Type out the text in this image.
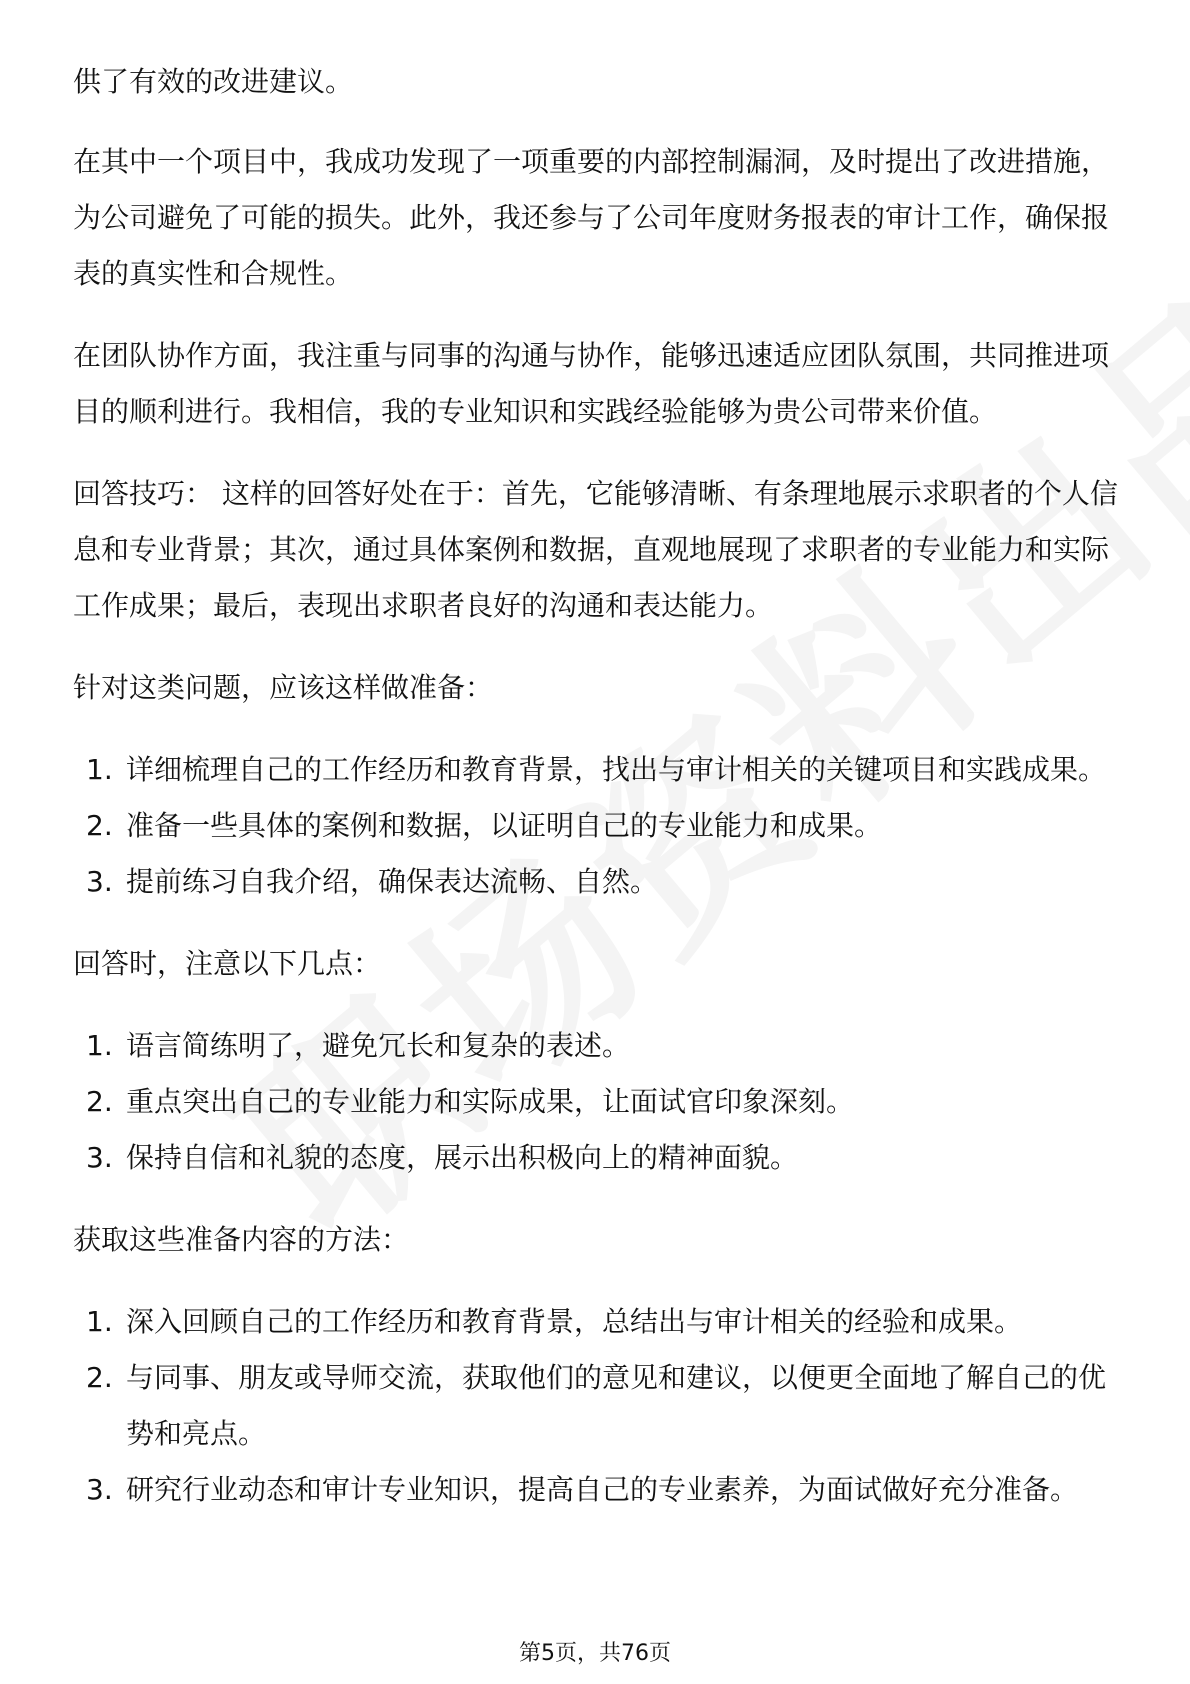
供了有效的改进建议。

在其中一个项目中，我成功发现了一项重要的内部控制漏洞，及时提出了改进措施，为公司避免了可能的损失。此外，我还参与了公司年度财务报表的审计工作，确保报表的真实性和合规性。

在团队协作方面，我注重与同事的沟通与协作，能够迅速适应团队氛围，共同推进项目的顺利进行。我相信，我的专业知识和实践经验能够为贵公司带来价值。

回答技巧： 这样的回答好处在于：首先，它能够清晰、有条理地展示求职者的个人信息和专业背景；其次，通过具体案例和数据，直观地展现了求职者的专业能力和实际工作成果；最后，表现出求职者良好的沟通和表达能力。

针对这类问题，应该这样做准备：

1. 详细梳理自己的工作经历和教育背景，找出与审计相关的关键项目和实践成果。
2. 准备一些具体的案例和数据，以证明自己的专业能力和成果。
3. 提前练习自我介绍，确保表达流畅、自然。

回答时，注意以下几点：

1. 语言简练明了，避免冗长和复杂的表述。
2. 重点突出自己的专业能力和实际成果，让面试官印象深刻。
3. 保持自信和礼貌的态度，展示出积极向上的精神面貌。

获取这些准备内容的方法：

1. 深入回顾自己的工作经历和教育背景，总结出与审计相关的经验和成果。
2. 与同事、朋友或导师交流，获取他们的意见和建议，以便更全面地了解自己的优势和亮点。
3. 研究行业动态和审计专业知识，提高自己的专业素养，为面试做好充分准备。
第5页，共76页
